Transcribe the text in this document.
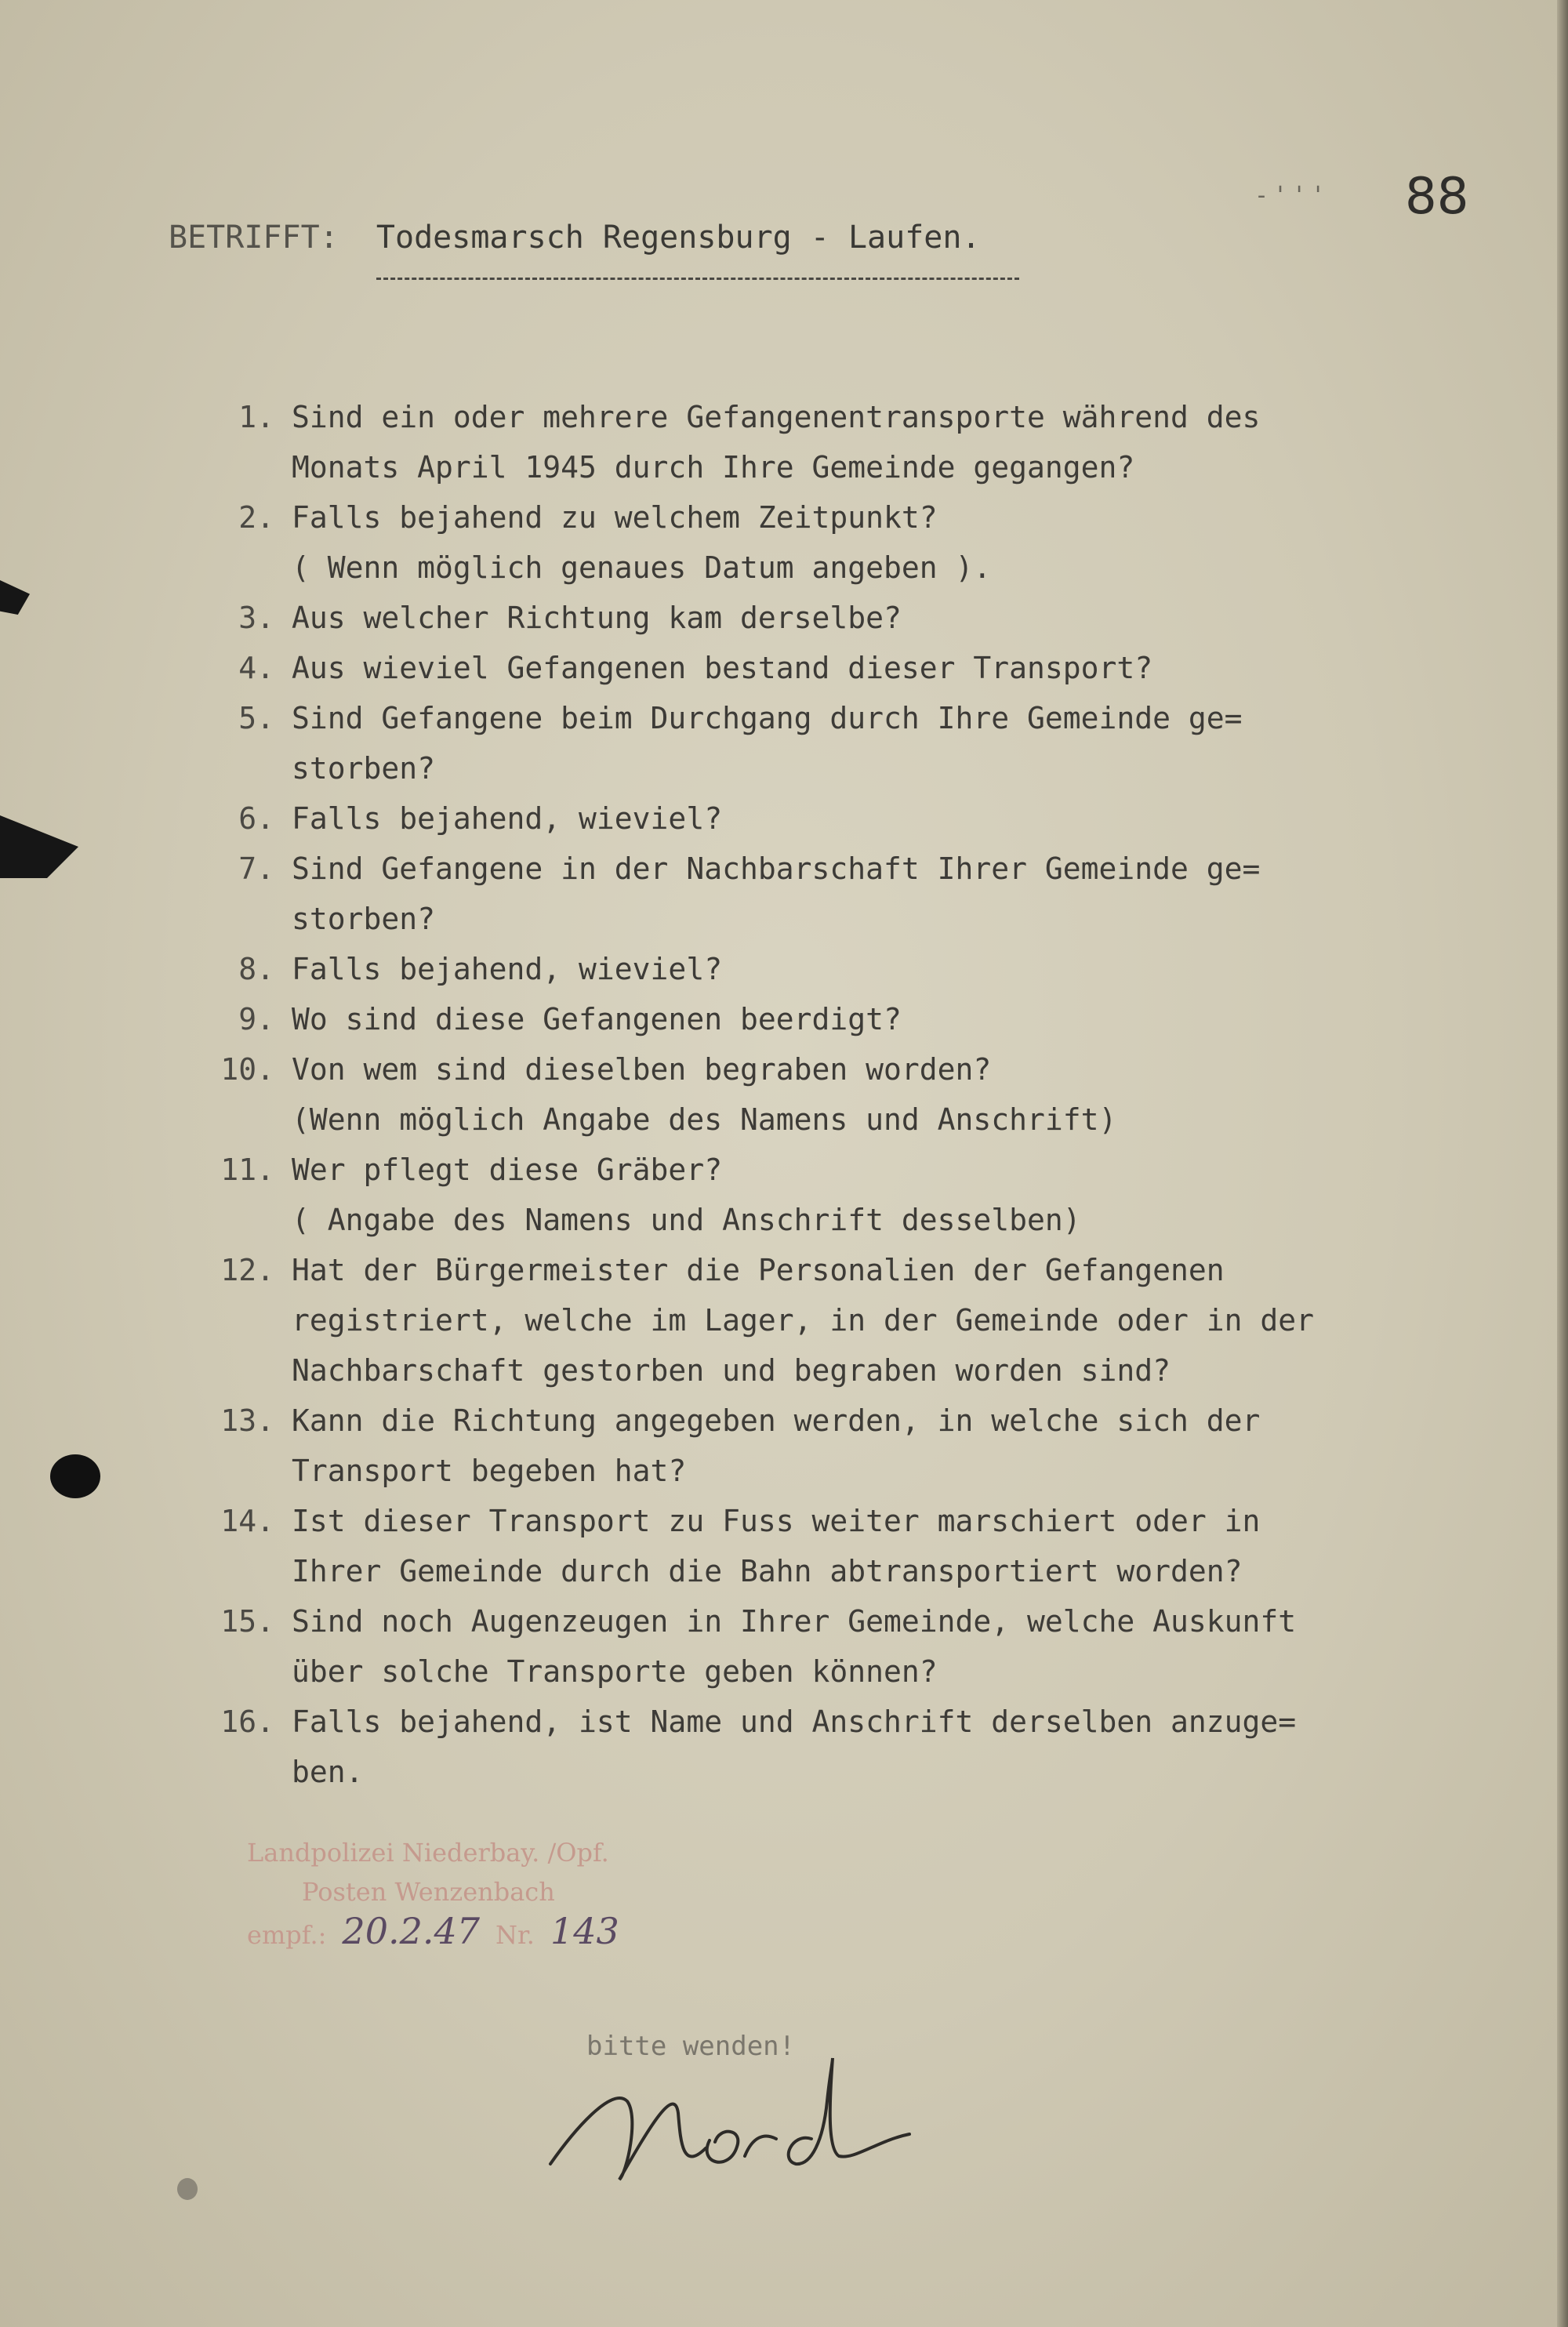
-''' 88
BETRIFFT: Todesmarsch Regensburg - Laufen.
1. Sind ein oder mehrere Gefangenentransporte während des
Monats April 1945 durch Ihre Gemeinde gegangen?
2. Falls bejahend zu welchem Zeitpunkt?
( Wenn möglich genaues Datum angeben ).
3. Aus welcher Richtung kam derselbe?
4. Aus wieviel Gefangenen bestand dieser Transport?
5. Sind Gefangene beim Durchgang durch Ihre Gemeinde ge=
storben?
6. Falls bejahend, wieviel?
7. Sind Gefangene in der Nachbarschaft Ihrer Gemeinde ge=
storben?
8. Falls bejahend, wieviel?
9. Wo sind diese Gefangenen beerdigt?
10. Von wem sind dieselben begraben worden?
(Wenn möglich Angabe des Namens und Anschrift)
11. Wer pflegt diese Gräber?
( Angabe des Namens und Anschrift desselben)
12. Hat der Bürgermeister die Personalien der Gefangenen
registriert, welche im Lager, in der Gemeinde oder in der
Nachbarschaft gestorben und begraben worden sind?
13. Kann die Richtung angegeben werden, in welche sich der
Transport begeben hat?
14. Ist dieser Transport zu Fuss weiter marschiert oder in
Ihrer Gemeinde durch die Bahn abtransportiert worden?
15. Sind noch Augenzeugen in Ihrer Gemeinde, welche Auskunft
über solche Transporte geben können?
16. Falls bejahend, ist Name und Anschrift derselben anzuge=
ben.
Landpolizei Niederbay. /Opf.
Posten Wenzenbach
empf.: 20.2.47 Nr. 143
bitte wenden!
